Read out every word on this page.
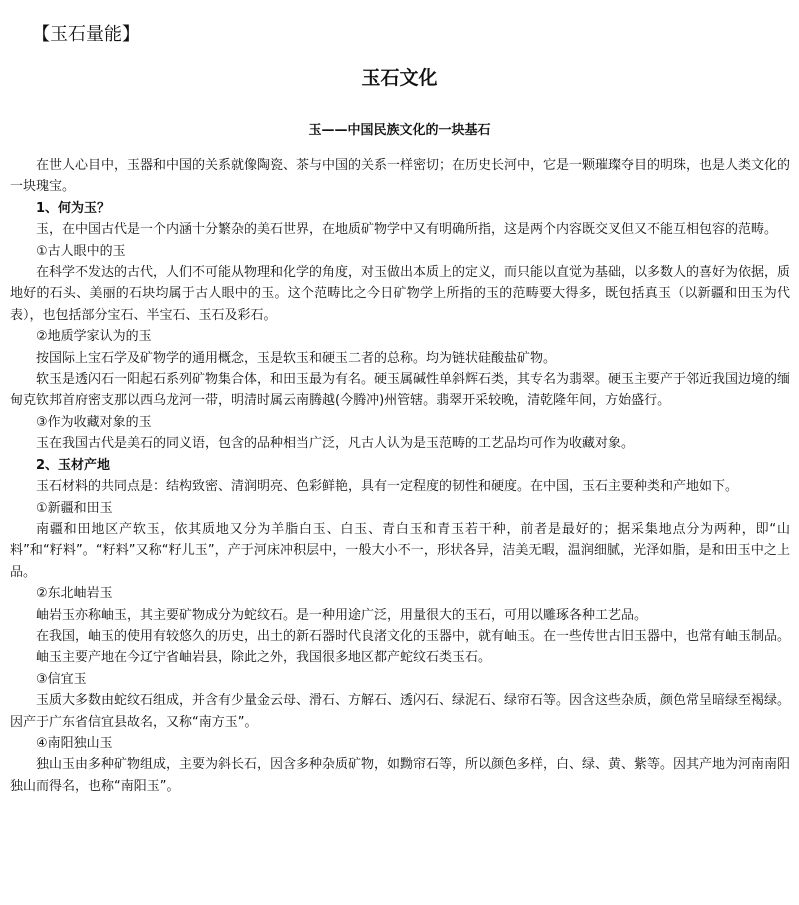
【玉石量能】
玉石文化
玉——中国民族文化的一块基石

在世人心目中，玉器和中国的关系就像陶瓷、茶与中国的关系一样密切；在历史长河中，它是一颗璀璨夺目的明珠，也是人类文化的一块瑰宝。

1、何为玉？

玉，在中国古代是一个内涵十分繁杂的美石世界，在地质矿物学中又有明确所指，这是两个内容既交叉但又不能互相包容的范畴。

①古人眼中的玉

在科学不发达的古代，人们不可能从物理和化学的角度，对玉做出本质上的定义，而只能以直觉为基础，以多数人的喜好为依据，质地好的石头、美丽的石块均属于古人眼中的玉。这个范畴比之今日矿物学上所指的玉的范畴要大得多，既包括真玉（以新疆和田玉为代表），也包括部分宝石、半宝石、玉石及彩石。

②地质学家认为的玉

按国际上宝石学及矿物学的通用概念，玉是软玉和硬玉二者的总称。均为链状硅酸盐矿物。

软玉是透闪石一阳起石系列矿物集合体，和田玉最为有名。硬玉属碱性单斜辉石类，其专名为翡翠。硬玉主要产于邻近我国边境的缅甸克钦邦首府密支那以西乌龙河一带，明清时属云南腾越(今腾冲)州管辖。翡翠开采较晚，清乾隆年间，方始盛行。

③作为收藏对象的玉

玉在我国古代是美石的同义语，包含的品种相当广泛，凡古人认为是玉范畴的工艺品均可作为收藏对象。

2、玉材产地

玉石材料的共同点是：结构致密、清润明亮、色彩鲜艳，具有一定程度的韧性和硬度。在中国，玉石主要种类和产地如下。

①新疆和田玉

南疆和田地区产软玉，依其质地又分为羊脂白玉、白玉、青白玉和青玉若干种，前者是最好的；据采集地点分为两种，即“山料”和“籽料”。“籽料”又称“籽儿玉”，产于河床冲积层中，一般大小不一，形状各异，洁美无暇，温润细腻，光泽如脂，是和田玉中之上品。

②东北岫岩玉

岫岩玉亦称岫玉，其主要矿物成分为蛇纹石。是一种用途广泛，用量很大的玉石，可用以雕琢各种工艺品。

在我国，岫玉的使用有较悠久的历史，出土的新石器时代良渚文化的玉器中，就有岫玉。在一些传世古旧玉器中，也常有岫玉制品。

岫玉主要产地在今辽宁省岫岩县，除此之外，我国很多地区都产蛇纹石类玉石。

③信宜玉

玉质大多数由蛇纹石组成，并含有少量金云母、滑石、方解石、透闪石、绿泥石、绿帘石等。因含这些杂质，颜色常呈暗绿至褐绿。因产于广东省信宜县故名，又称“南方玉”。

④南阳独山玉

独山玉由多种矿物组成，主要为斜长石，因含多种杂质矿物，如黝帘石等，所以颜色多样，白、绿、黄、紫等。因其产地为河南南阳独山而得名，也称“南阳玉”。
